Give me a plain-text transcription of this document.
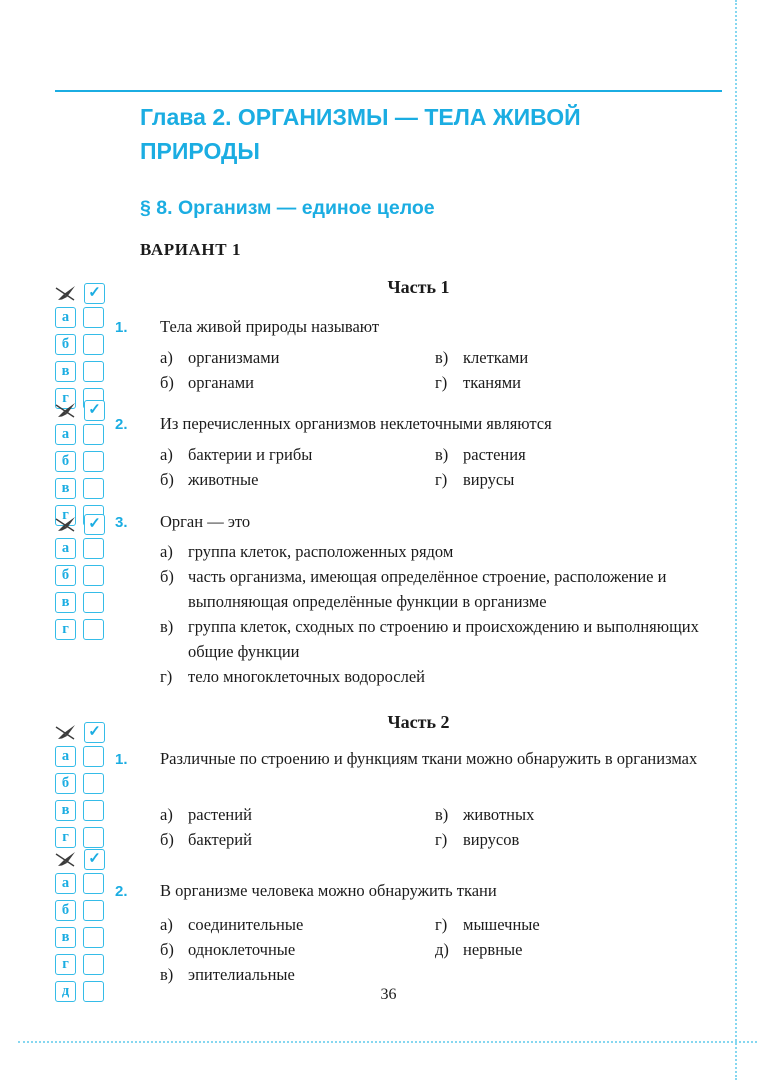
Глава 2. ОРГАНИЗМЫ — ТЕЛА ЖИВОЙ ПРИРОДЫ
§ 8. Организм — единое целое
ВАРИАНТ 1
Часть 1
1. Тела живой природы называют
а) организмами	в) клетками
б) органами	г) тканями
2. Из перечисленных организмов неклеточными являются
а) бактерии и грибы	в) растения
б) животные	г) вирусы
3. Орган — это
а) группа клеток, расположенных рядом
б) часть организма, имеющая определённое строение, расположение и выполняющая определённые функции в организме
в) группа клеток, сходных по строению и происхождению и выполняющих общие функции
г) тело многоклеточных водорослей
Часть 2
1. Различные по строению и функциям ткани можно обнаружить в организмах
а) растений	в) животных
б) бактерий	г) вирусов
2. В организме человека можно обнаружить ткани
а) соединительные	г) мышечные
б) одноклеточные	д) нервные
в) эпителиальные
✓
а
б
в
г
✓
а
б
в
г
✓
а
б
в
г
✓
а
б
в
г
✓
а
б
в
г
д	36
